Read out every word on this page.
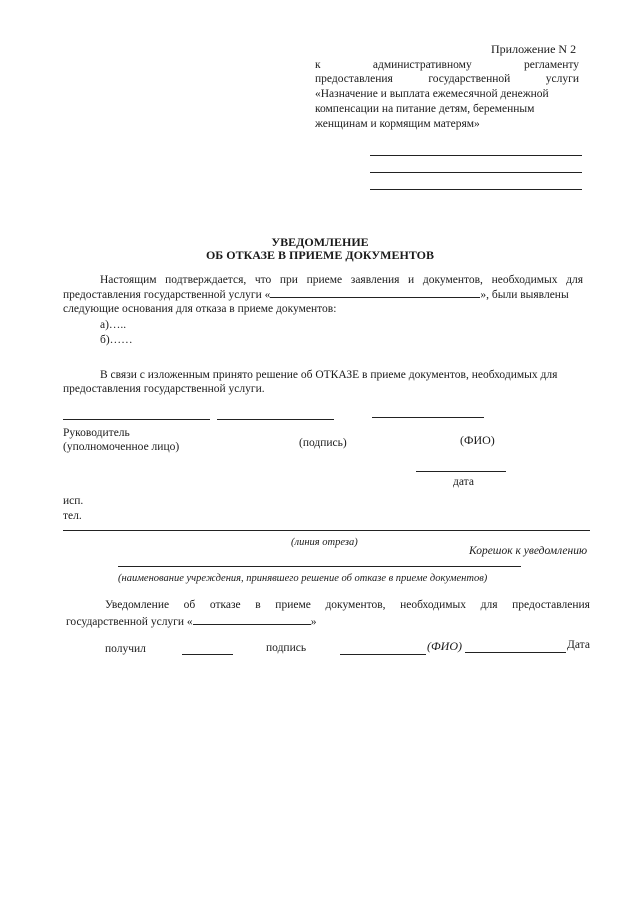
Приложение N 2
к	административному	регламенту
предоставления	государственной	услуги
«Назначение и выплата ежемесячной денежной
компенсации на питание детям, беременным
женщинам и кормящим матерям»
УВЕДОМЛЕНИЕ
ОБ ОТКАЗЕ В ПРИЕМЕ ДОКУМЕНТОВ
Настоящим подтверждается, что при приеме заявления и документов, необходимых для
предоставления государственной услуги «	», были выявлены
следующие основания для отказа в приеме документов:
а)…..
б)……
В связи с изложенным принято решение об ОТКАЗЕ в приеме документов, необходимых для
предоставления государственной услуги.
Руководитель
(уполномоченное лицо)	(подпись)	(ФИО)
дата
исп.
тел.
(линия отреза)
Корешок к уведомлению
(наименование учреждения, принявшего решение об отказе в приеме документов)
Уведомление об отказе в приеме документов, необходимых для предоставления
государственной услуги «	»
получил	подпись	(ФИО)	Дата
